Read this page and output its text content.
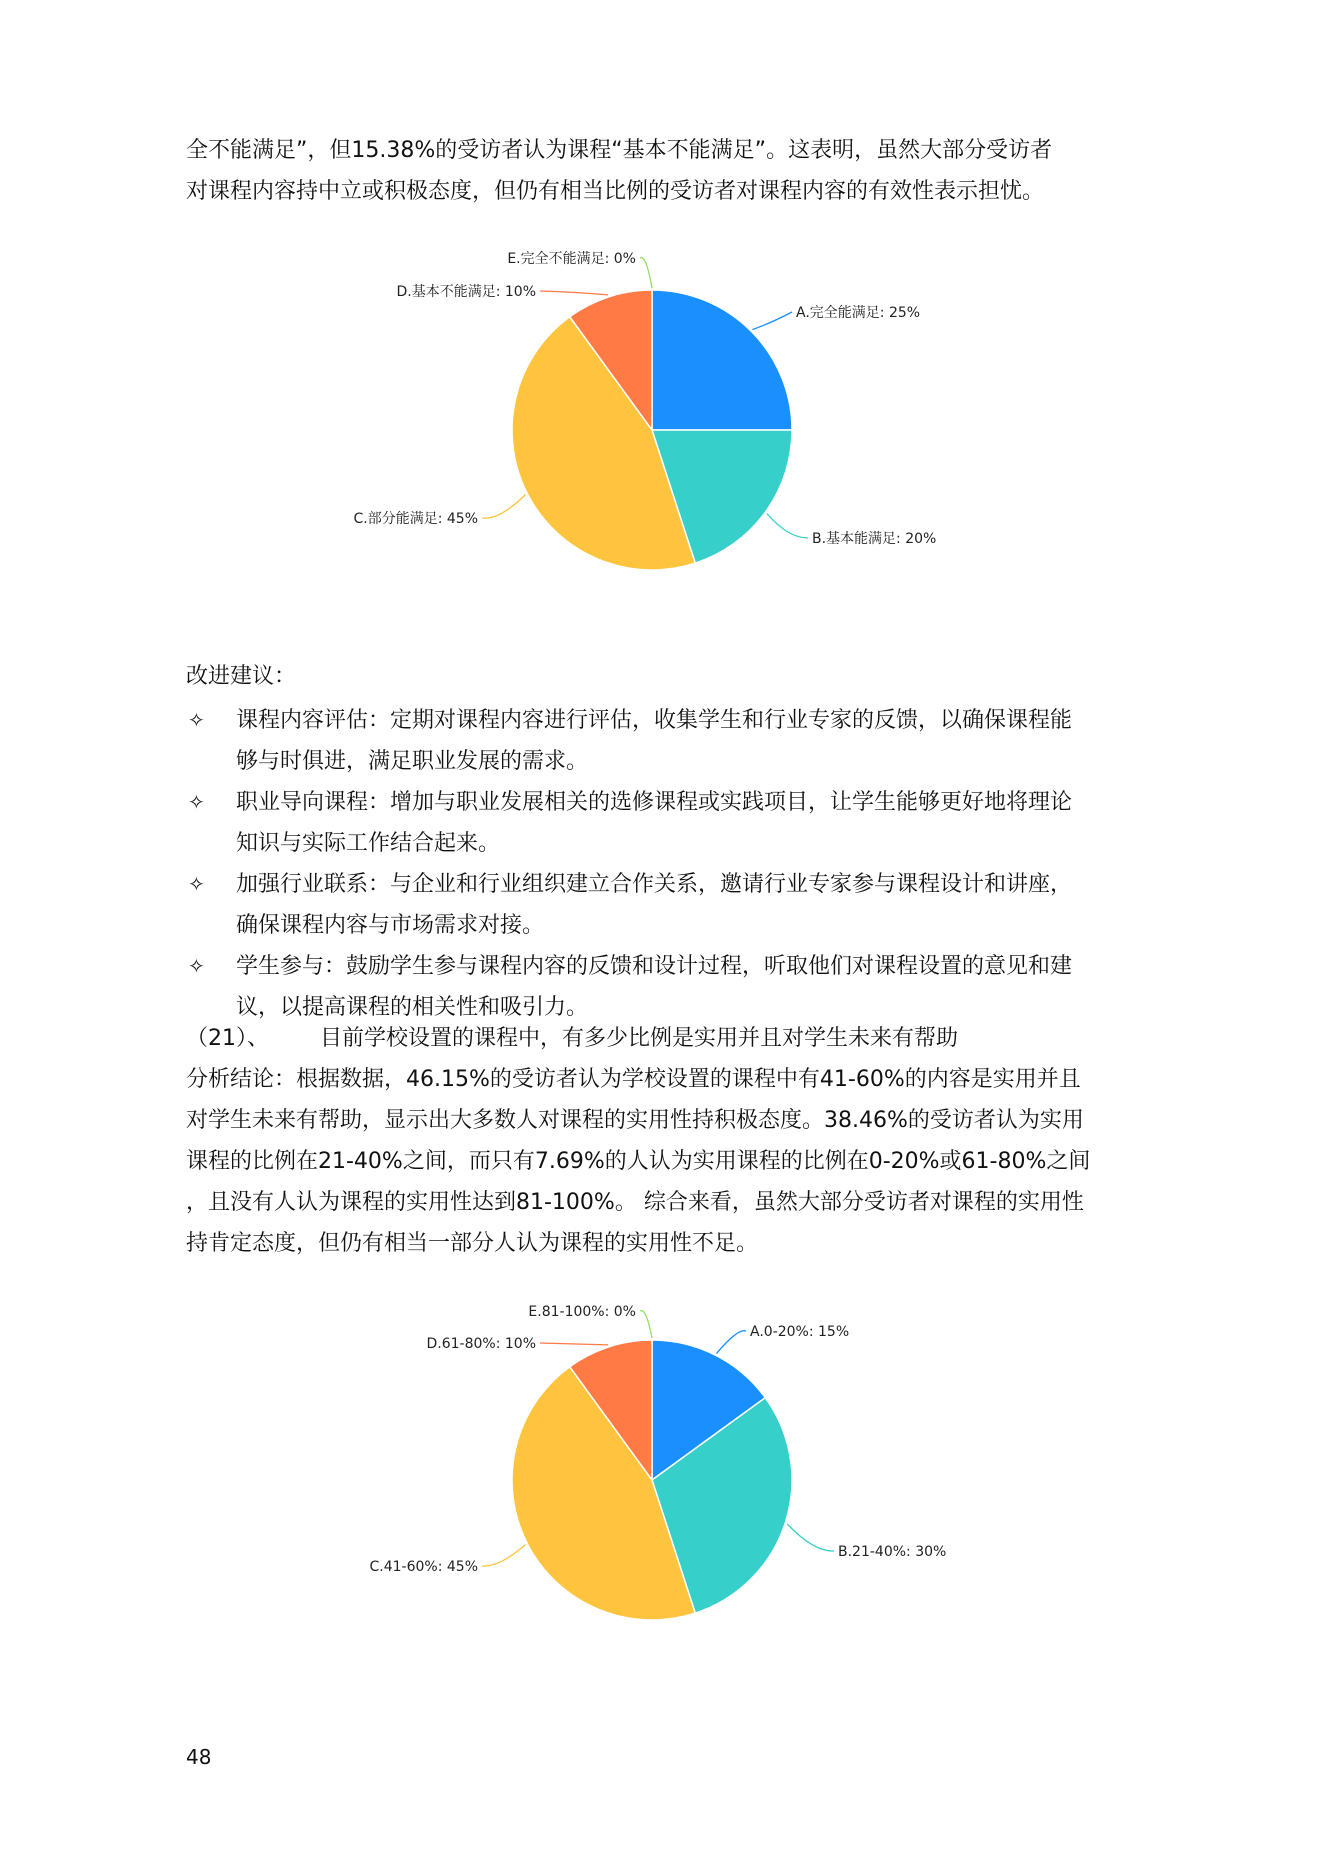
全不能满足”，但15.38%的受访者认为课程“基本不能满足”。这表明，虽然大部分受访者
对课程内容持中立或积极态度，但仍有相当比例的受访者对课程内容的有效性表示担忧。

A.完全能满足: 25%
B.基本能满足: 20%
C.部分能满足: 45%
D.基本不能满足: 10%
E.完全不能满足: 0%

改进建议：

✧ 课程内容评估：定期对课程内容进行评估，收集学生和行业专家的反馈，以确保课程能
够与时俱进，满足职业发展的需求。
✧ 职业导向课程：增加与职业发展相关的选修课程或实践项目，让学生能够更好地将理论
知识与实际工作结合起来。
✧ 加强行业联系：与企业和行业组织建立合作关系，邀请行业专家参与课程设计和讲座，
确保课程内容与市场需求对接。
✧ 学生参与：鼓励学生参与课程内容的反馈和设计过程，听取他们对课程设置的意见和建
议，以提高课程的相关性和吸引力。
（21）、 目前学校设置的课程中，有多少比例是实用并且对学生未来有帮助

分析结论：根据数据，46.15%的受访者认为学校设置的课程中有41-60%的内容是实用并且
对学生未来有帮助，显示出大多数人对课程的实用性持积极态度。38.46%的受访者认为实用
课程的比例在21-40%之间，而只有7.69%的人认为实用课程的比例在0-20%或61-80%之间
，且没有人认为课程的实用性达到81-100%。 综合来看，虽然大部分受访者对课程的实用性
持肯定态度，但仍有相当一部分人认为课程的实用性不足。

A.0-20%: 15%
B.21-40%: 30%
C.41-60%: 45%
D.61-80%: 10%
E.81-100%: 0%
48
